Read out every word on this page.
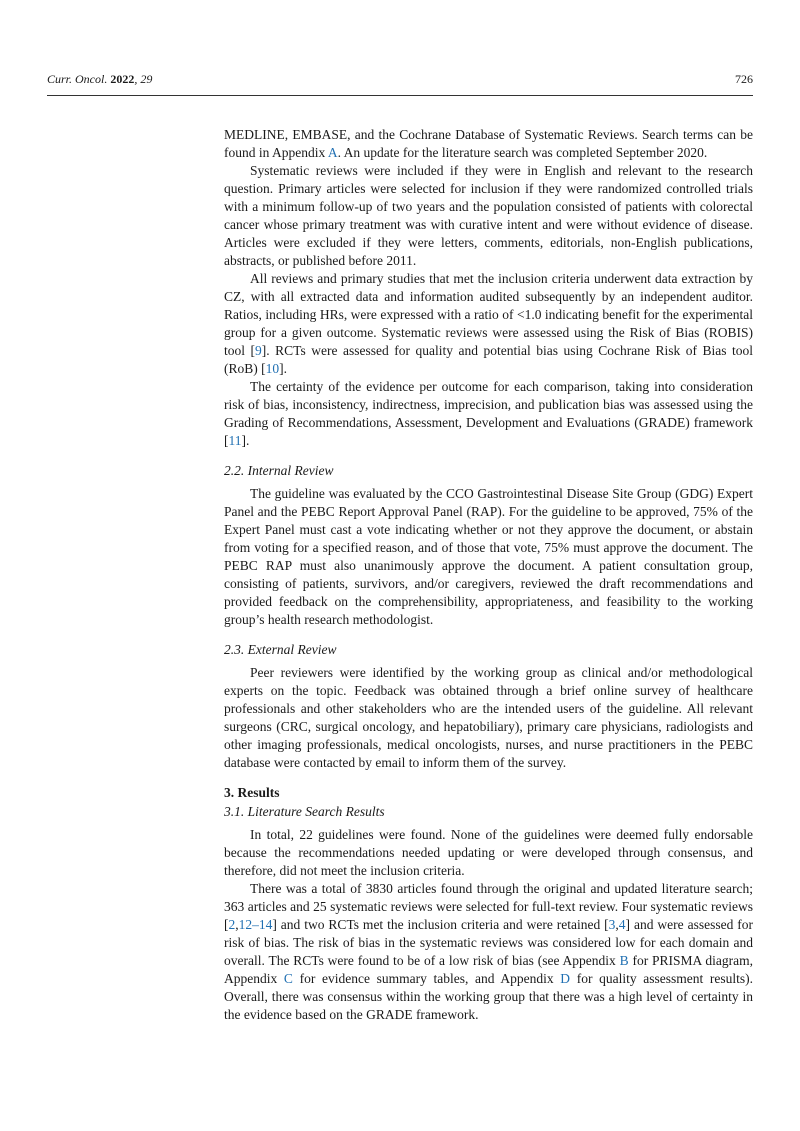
Curr. Oncol. 2022, 29	726

MEDLINE, EMBASE, and the Cochrane Database of Systematic Reviews. Search terms can be found in Appendix A. An update for the literature search was completed September 2020.

Systematic reviews were included if they were in English and relevant to the research question. Primary articles were selected for inclusion if they were randomized controlled trials with a minimum follow-up of two years and the population consisted of patients with colorectal cancer whose primary treatment was with curative intent and were without evidence of disease. Articles were excluded if they were letters, comments, editorials, non-English publications, abstracts, or published before 2011.

All reviews and primary studies that met the inclusion criteria underwent data extraction by CZ, with all extracted data and information audited subsequently by an independent auditor. Ratios, including HRs, were expressed with a ratio of <1.0 indicating benefit for the experimental group for a given outcome. Systematic reviews were assessed using the Risk of Bias (ROBIS) tool [9]. RCTs were assessed for quality and potential bias using Cochrane Risk of Bias tool (RoB) [10].

The certainty of the evidence per outcome for each comparison, taking into consideration risk of bias, inconsistency, indirectness, imprecision, and publication bias was assessed using the Grading of Recommendations, Assessment, Development and Evaluations (GRADE) framework [11].

2.2. Internal Review

The guideline was evaluated by the CCO Gastrointestinal Disease Site Group (GDG) Expert Panel and the PEBC Report Approval Panel (RAP). For the guideline to be approved, 75% of the Expert Panel must cast a vote indicating whether or not they approve the document, or abstain from voting for a specified reason, and of those that vote, 75% must approve the document. The PEBC RAP must also unanimously approve the document. A patient consultation group, consisting of patients, survivors, and/or caregivers, reviewed the draft recommendations and provided feedback on the comprehensibility, appropriateness, and feasibility to the working group’s health research methodologist.

2.3. External Review

Peer reviewers were identified by the working group as clinical and/or methodological experts on the topic. Feedback was obtained through a brief online survey of healthcare professionals and other stakeholders who are the intended users of the guideline. All relevant surgeons (CRC, surgical oncology, and hepatobiliary), primary care physicians, radiologists and other imaging professionals, medical oncologists, nurses, and nurse practitioners in the PEBC database were contacted by email to inform them of the survey.

3. Results
3.1. Literature Search Results

In total, 22 guidelines were found. None of the guidelines were deemed fully endorsable because the recommendations needed updating or were developed through consensus, and therefore, did not meet the inclusion criteria.

There was a total of 3830 articles found through the original and updated literature search; 363 articles and 25 systematic reviews were selected for full-text review. Four systematic reviews [2,12–14] and two RCTs met the inclusion criteria and were retained [3,4] and were assessed for risk of bias. The risk of bias in the systematic reviews was considered low for each domain and overall. The RCTs were found to be of a low risk of bias (see Appendix B for PRISMA diagram, Appendix C for evidence summary tables, and Appendix D for quality assessment results). Overall, there was consensus within the working group that there was a high level of certainty in the evidence based on the GRADE framework.
